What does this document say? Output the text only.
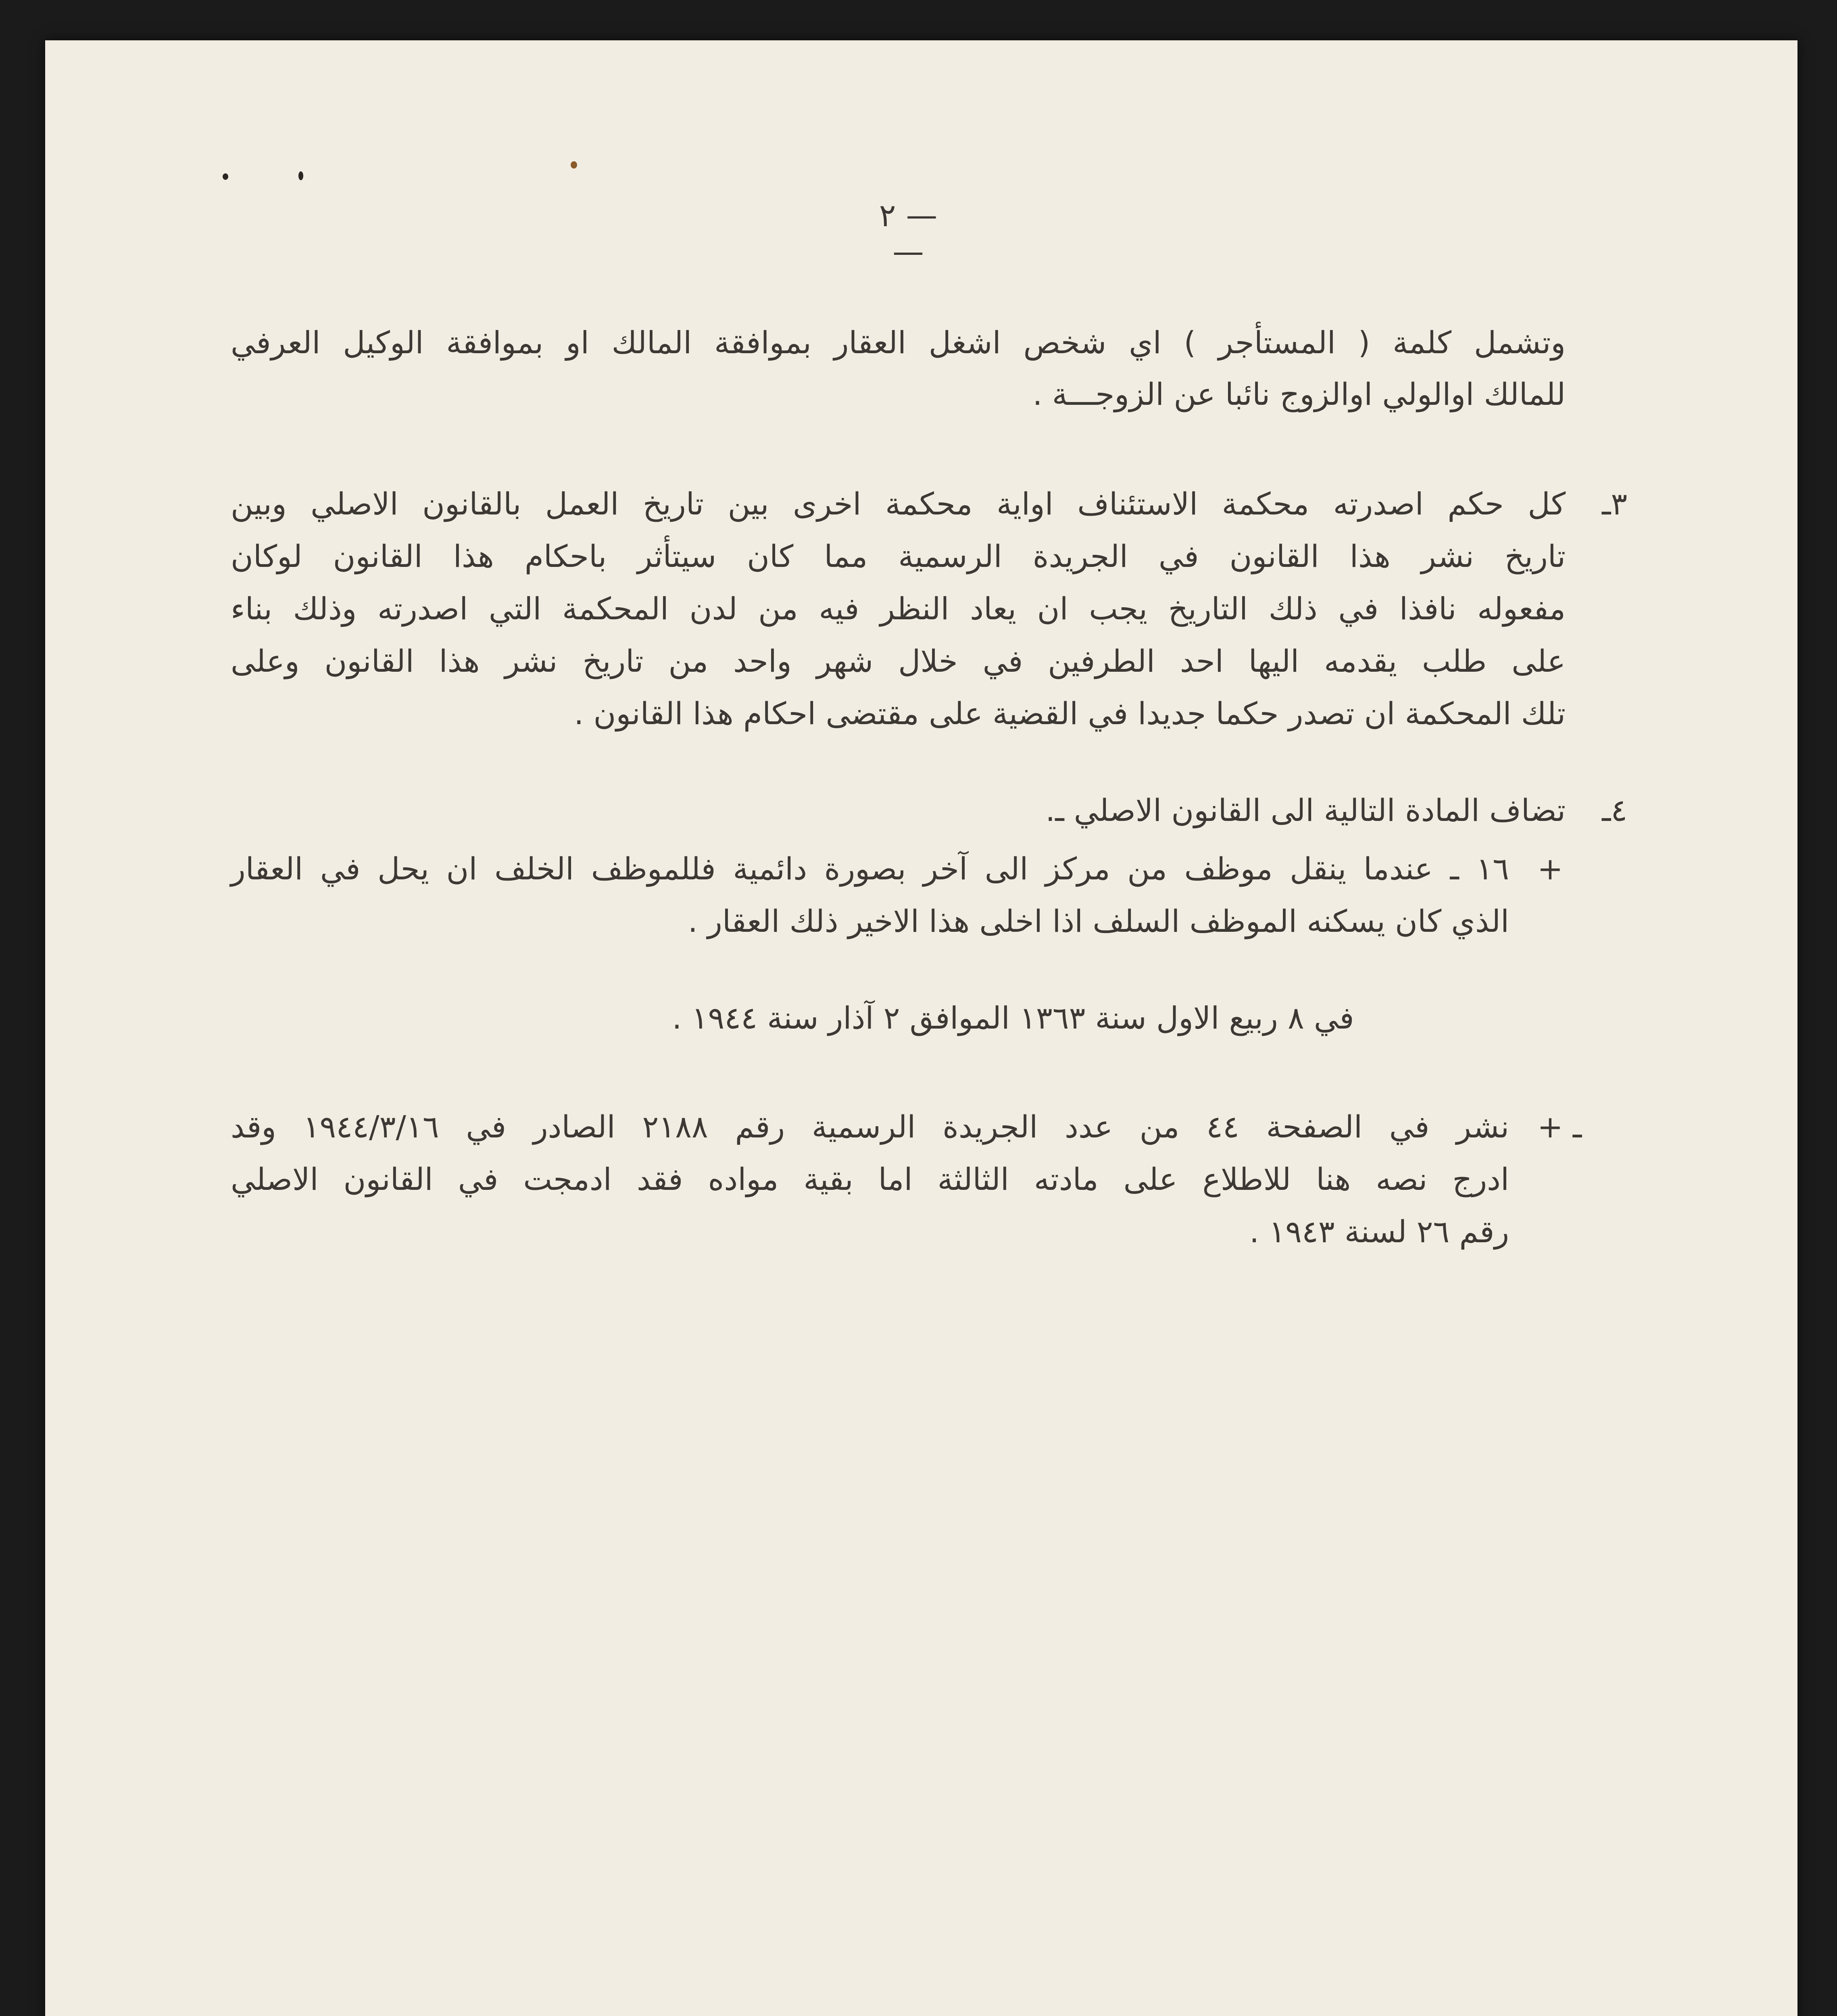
— ٢ —
وتشمل كلمة ( المستأجر ) اي شخص اشغل العقار بموافقة المالك او بموافقة الوكيل العرفي
للمالك اوالولي اوالزوج نائبا عن الزوجـــة .
٣ـ
كل حكم اصدرته محكمة الاستئناف اواية محكمة اخرى بين تاريخ العمل بالقانون الاصلي وبين
تاريخ نشر هذا القانون في الجريدة الرسمية مما كان سيتأثر باحكام هذا القانون لوكان
مفعوله نافذا في ذلك التاريخ يجب ان يعاد النظر فيه من لدن المحكمة التي اصدرته وذلك بناء
على طلب يقدمه اليها احد الطرفين في خلال شهر واحد من تاريخ نشر هذا القانون وعلى
تلك المحكمة ان تصدر حكما جديدا في القضية على مقتضى احكام هذا القانون .
٤ـ
تضاف المادة التالية الى القانون الاصلي ـ.
+
١٦ ـ عندما ينقل موظف من مركز الى آخر بصورة دائمية فللموظف الخلف ان يحل في العقار
الذي كان يسكنه الموظف السلف اذا اخلى هذا الاخير ذلك العقار .
في ٨ ربيع الاول سنة ١٣٦٣ الموافق ٢ آذار سنة ١٩٤٤ .
+ ـ
نشر في الصفحة ٤٤ من عدد الجريدة الرسمية رقم ٢١٨٨ الصادر في ١٩٤٤/٣/١٦ وقد
ادرج نصه هنا للاطلاع على مادته الثالثة اما بقية مواده فقد ادمجت في القانون الاصلي
رقم ٢٦ لسنة ١٩٤٣ .
